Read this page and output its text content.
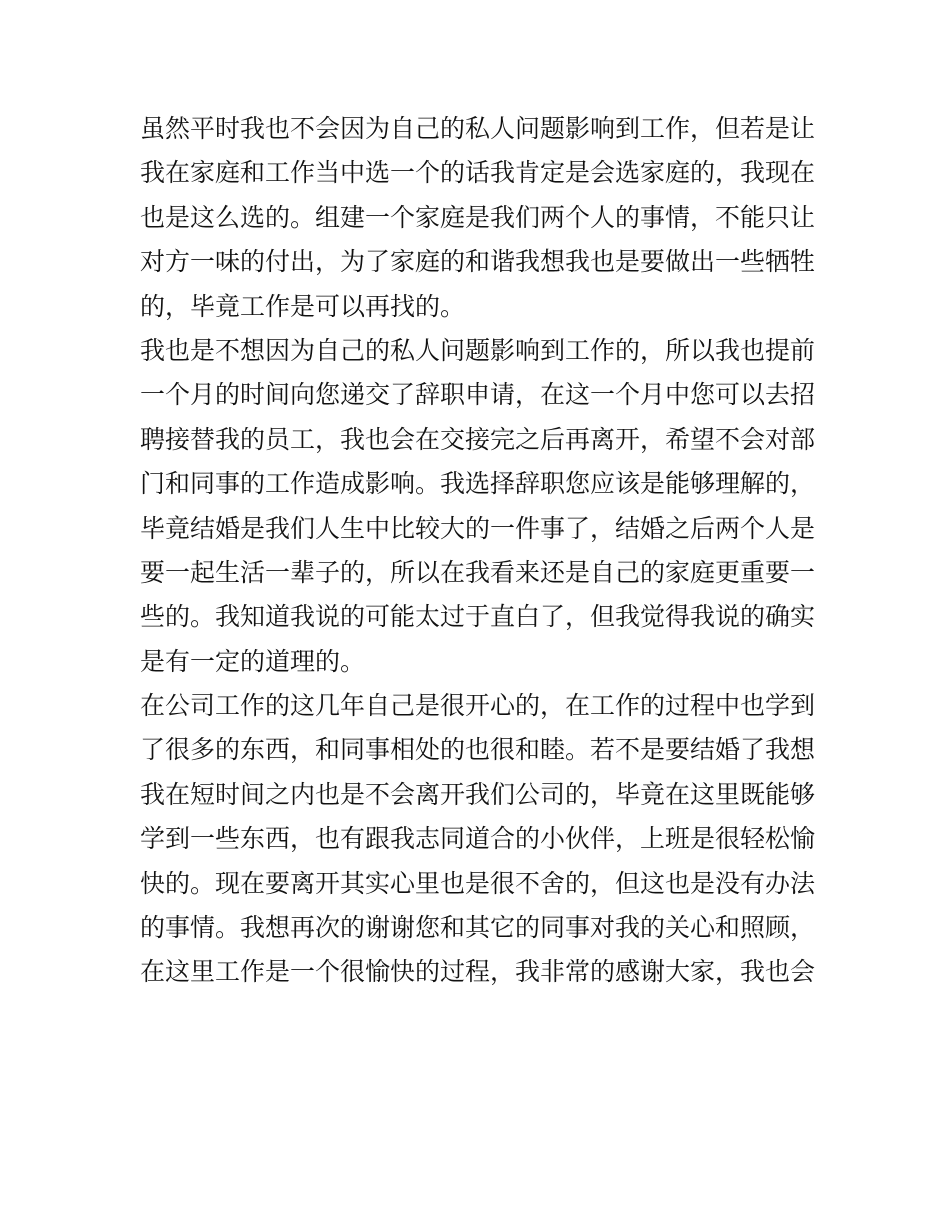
虽然平时我也不会因为自己的私人问题影响到工作，但若是让
我在家庭和工作当中选一个的话我肯定是会选家庭的，我现在
也是这么选的。组建一个家庭是我们两个人的事情，不能只让
对方一味的付出，为了家庭的和谐我想我也是要做出一些牺牲
的，毕竟工作是可以再找的。
我也是不想因为自己的私人问题影响到工作的，所以我也提前
一个月的时间向您递交了辞职申请，在这一个月中您可以去招
聘接替我的员工，我也会在交接完之后再离开，希望不会对部
门和同事的工作造成影响。我选择辞职您应该是能够理解的，
毕竟结婚是我们人生中比较大的一件事了，结婚之后两个人是
要一起生活一辈子的，所以在我看来还是自己的家庭更重要一
些的。我知道我说的可能太过于直白了，但我觉得我说的确实
是有一定的道理的。
在公司工作的这几年自己是很开心的，在工作的过程中也学到
了很多的东西，和同事相处的也很和睦。若不是要结婚了我想
我在短时间之内也是不会离开我们公司的，毕竟在这里既能够
学到一些东西，也有跟我志同道合的小伙伴，上班是很轻松愉
快的。现在要离开其实心里也是很不舍的，但这也是没有办法
的事情。我想再次的谢谢您和其它的同事对我的关心和照顾，
在这里工作是一个很愉快的过程，我非常的感谢大家，我也会
